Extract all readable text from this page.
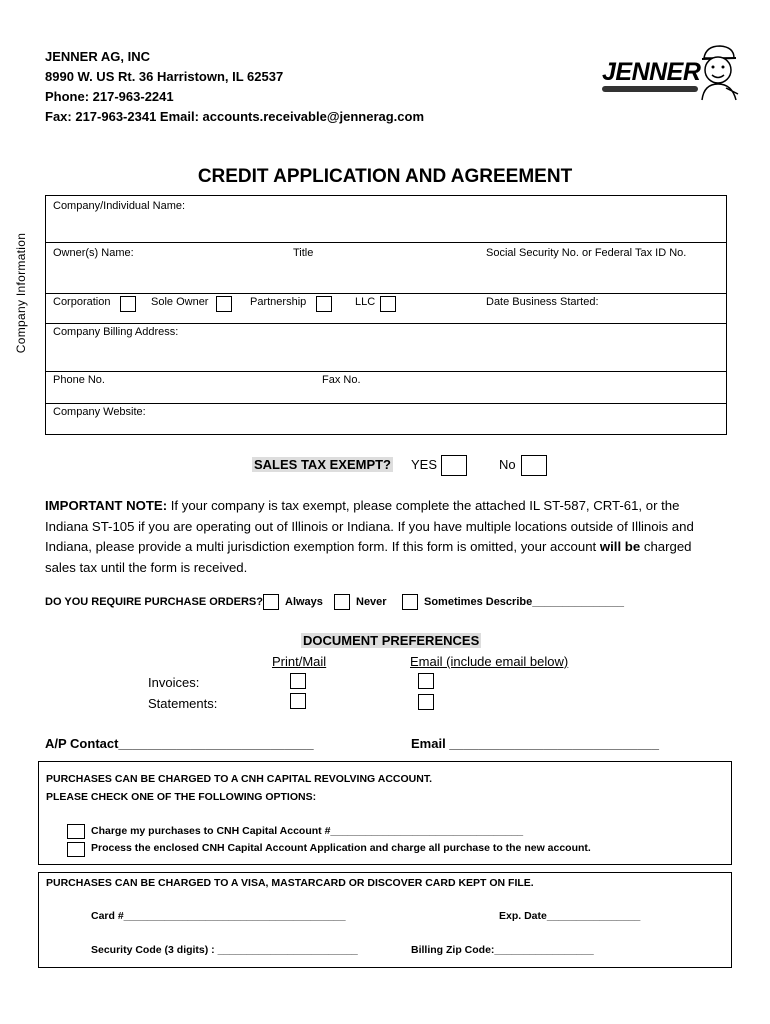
JENNER AG, INC
8990 W. US Rt. 36 Harristown, IL 62537
Phone: 217-963-2241
Fax: 217-963-2341 Email: accounts.receivable@jennerag.com
JENNER
CREDIT APPLICATION AND AGREEMENT
Company Information
Company/Individual Name:
Owner(s) Name:	Title	Social Security No. or Federal Tax ID No.
Corporation	Sole Owner	Partnership	LLC	Date Business Started:
Company Billing Address:
Phone No.	Fax No.
Company Website:
SALES TAX EXEMPT? YES	No
IMPORTANT NOTE: If your company is tax exempt, please complete the attached IL ST-587, CRT-61, or the Indiana ST-105 if you are operating out of Illinois or Indiana. If you have multiple locations outside of Illinois and Indiana, please provide a multi jurisdiction exemption form. If this form is omitted, your account will be charged sales tax until the form is received.
DO YOU REQUIRE PURCHASE ORDERS? Always	Never	Sometimes Describe_______________
DOCUMENT PREFERENCES
Print/Mail	Email (include email below)
Invoices:
Statements:
A/P Contact___________________________	Email _____________________________
PURCHASES CAN BE CHARGED TO A CNH CAPITAL REVOLVING ACCOUNT.
PLEASE CHECK ONE OF THE FOLLOWING OPTIONS:
Charge my purchases to CNH Capital Account #_________________________________
Process the enclosed CNH Capital Account Application and charge all purchase to the new account.
PURCHASES CAN BE CHARGED TO A VISA, MASTARCARD OR DISCOVER CARD KEPT ON FILE.
Card #______________________________________	Exp. Date________________
Security Code (3 digits) : ________________________	Billing Zip Code:_________________
